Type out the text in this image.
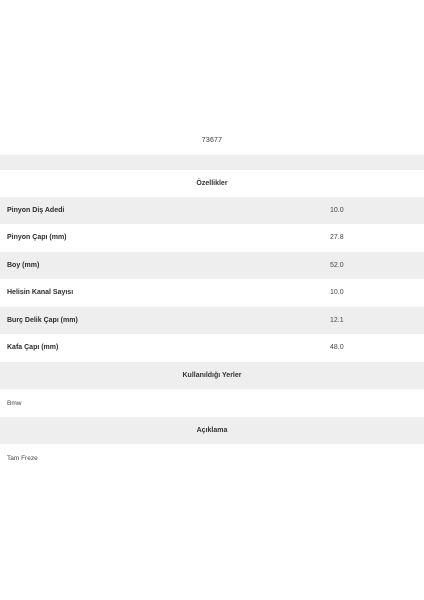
73677
Özellikler
Pinyon Diş Adedi	10.0
Pinyon Çapı (mm)	27.8
Boy (mm)	52.0
Helisin Kanal Sayısı	10.0
Burç Delik Çapı (mm)	12.1
Kafa Çapı (mm)	48.0
Kullanıldığı Yerler
Bmw
Açıklama
Tam Freze
